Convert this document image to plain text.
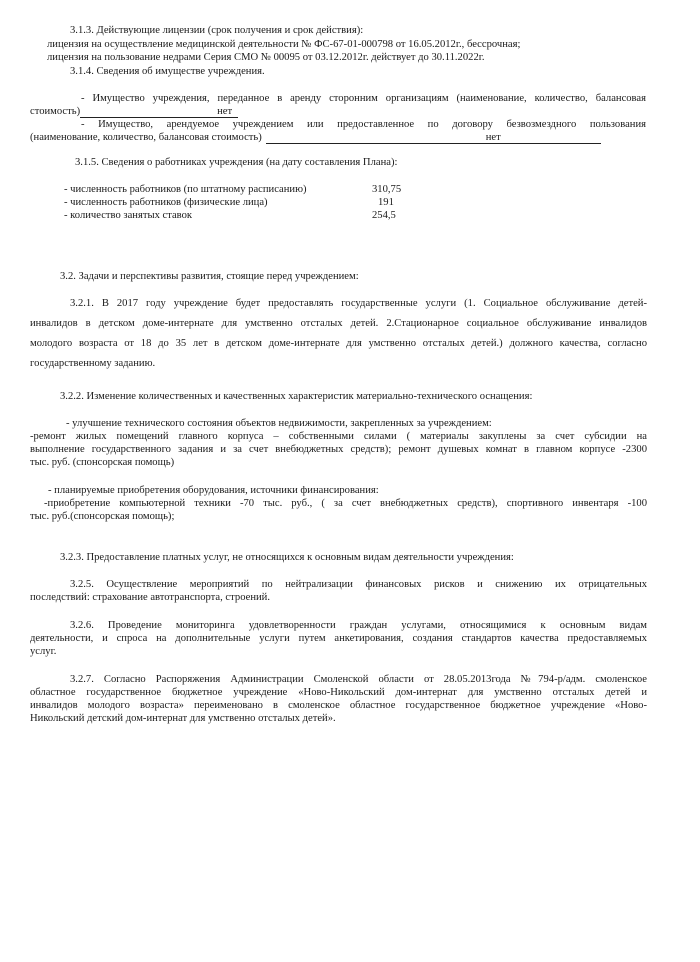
3.1.3. Действующие лицензии (срок получения и срок действия):

лицензия на осуществление медицинской деятельности № ФС-67-01-000798 от 16.05.2012г., бессрочная;

лицензия на пользование недрами Серия СМО № 00095 от 03.12.2012г. действует до 30.11.2022г.

3.1.4. Сведения об имуществе учреждения.

- Имущество учреждения, переданное в аренду сторонним организациям (наименование, количество, балансовая

стоимость)	нет

- Имущество, арендуемое учреждением или предоставленное по договору безвозмездного пользования

(наименование, количество, балансовая стоимость)	нет

3.1.5. Сведения о работниках учреждения (на дату составления Плана):

- численность работников (по штатному расписанию)	310,75
- численность работников (физические лица)	191
- количество занятых ставок	254,5

3.2. Задачи и перспективы развития, стоящие перед учреждением:

3.2.1. В 2017 году учреждение будет предоставлять государственные услуги (1. Социальное обслуживание детей-

инвалидов в детском доме-интернате для умственно отсталых детей. 2.Стационарное социальное обслуживание инвалидов

молодого возраста от 18 до 35 лет в детском доме-интернате для умственно отсталых детей.) должного качества, согласно

государственному заданию.

3.2.2. Изменение количественных и качественных характеристик материально-технического оснащения:

- улучшение технического состояния объектов недвижимости, закрепленных за учреждением:

-ремонт жилых помещений главного корпуса – собственными силами ( материалы закуплены за счет субсидии на

выполнение государственного задания и за счет внебюджетных средств); ремонт душевых комнат в главном корпусе -2300

тыс. руб. (спонсорская помощь)

- планируемые приобретения оборудования, источники финансирования:

-приобретение компьютерной техники -70 тыс. руб., ( за счет внебюджетных средств), спортивного инвентаря -100

тыс. руб.(спонсорская помощь);

3.2.3. Предоставление платных услуг, не относящихся к основным видам деятельности учреждения:

3.2.5. Осуществление мероприятий по нейтрализации финансовых рисков и снижению их отрицательных

последствий: страхование автотранспорта, строений.

3.2.6. Проведение мониторинга удовлетворенности граждан услугами, относящимися к основным видам

деятельности, и спроса на дополнительные услуги путем анкетирования, создания стандартов качества предоставляемых

услуг.

3.2.7. Согласно Распоряжения Администрации Смоленской области от 28.05.2013года №794-р/адм. смоленское

областное государственное бюджетное учреждение «Ново-Никольский дом-интернат для умственно отсталых детей и

инвалидов молодого возраста» переименовано в смоленское областное государственное бюджетное учреждение «Ново-

Никольский детский дом-интернат для умственно отсталых детей».
